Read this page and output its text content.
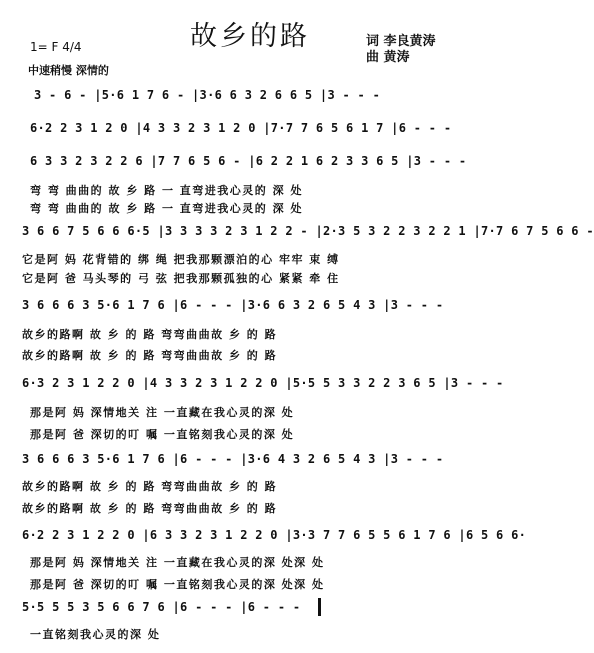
故乡的路	词 李良黄涛
曲 黄涛
1= F 4/4
中速稍慢 深情的
3 - 6 - |5·6 1 7 6 - |3·6 6 3 2 6 6 5 |3 - - -
6·2 2 3 1 2 0 |4 3 3 2 3 1 2 0 |7·7 7 6 5 6 1 7 |6 - - -
6 3 3 2 3 2 2 6 |7 7 6 5 6 - |6 2 2 1 6 2 3 3 6 5 |3 - - -
弯 弯 曲曲的 故 乡 路 一 直弯进我心灵的 深 处
弯 弯 曲曲的 故 乡 路 一 直弯进我心灵的 深 处
3 6 6 7 5 6 6 6·5 |3 3 3 3 2 3 1 2 2 - |2·3 5 3 2 2 3 2 2 1 |7·7 6 7 5 6 6 -
它是阿 妈 花背错的 绑 绳 把我那颗漂泊的心 牢牢 束 缚
它是阿 爸 马头琴的 弓 弦 把我那颗孤独的心 紧紧 牵 住
3 6 6 6 3 5·6 1 7 6 |6 - - - |3·6 6 3 2 6 5 4 3 |3 - - -
故乡的路啊 故 乡 的 路 弯弯曲曲故 乡 的 路
故乡的路啊 故 乡 的 路 弯弯曲曲故 乡 的 路
6·3 2 3 1 2 2 0 |4 3 3 2 3 1 2 2 0 |5·5 5 3 3 2 2 3 6 5 |3 - - -
那是阿 妈 深情地关 注 一直藏在我心灵的深 处
那是阿 爸 深切的叮 嘱 一直铭刻我心灵的深 处
3 6 6 6 3 5·6 1 7 6 |6 - - - |3·6 4 3 2 6 5 4 3 |3 - - -
故乡的路啊 故 乡 的 路 弯弯曲曲故 乡 的 路
故乡的路啊 故 乡 的 路 弯弯曲曲故 乡 的 路
6·2 2 3 1 2 2 0 |6 3 3 2 3 1 2 2 0 |3·3 7 7 6 5 5 6 1 7 6 |6 5 6 6·
那是阿 妈 深情地关 注 一直藏在我心灵的深 处深 处
那是阿 爸 深切的叮 嘱 一直铭刻我心灵的深 处深 处
5·5 5 5 3 5 6 6 7 6 |6 - - - |6 - - -
一直铭刻我心灵的深 处
